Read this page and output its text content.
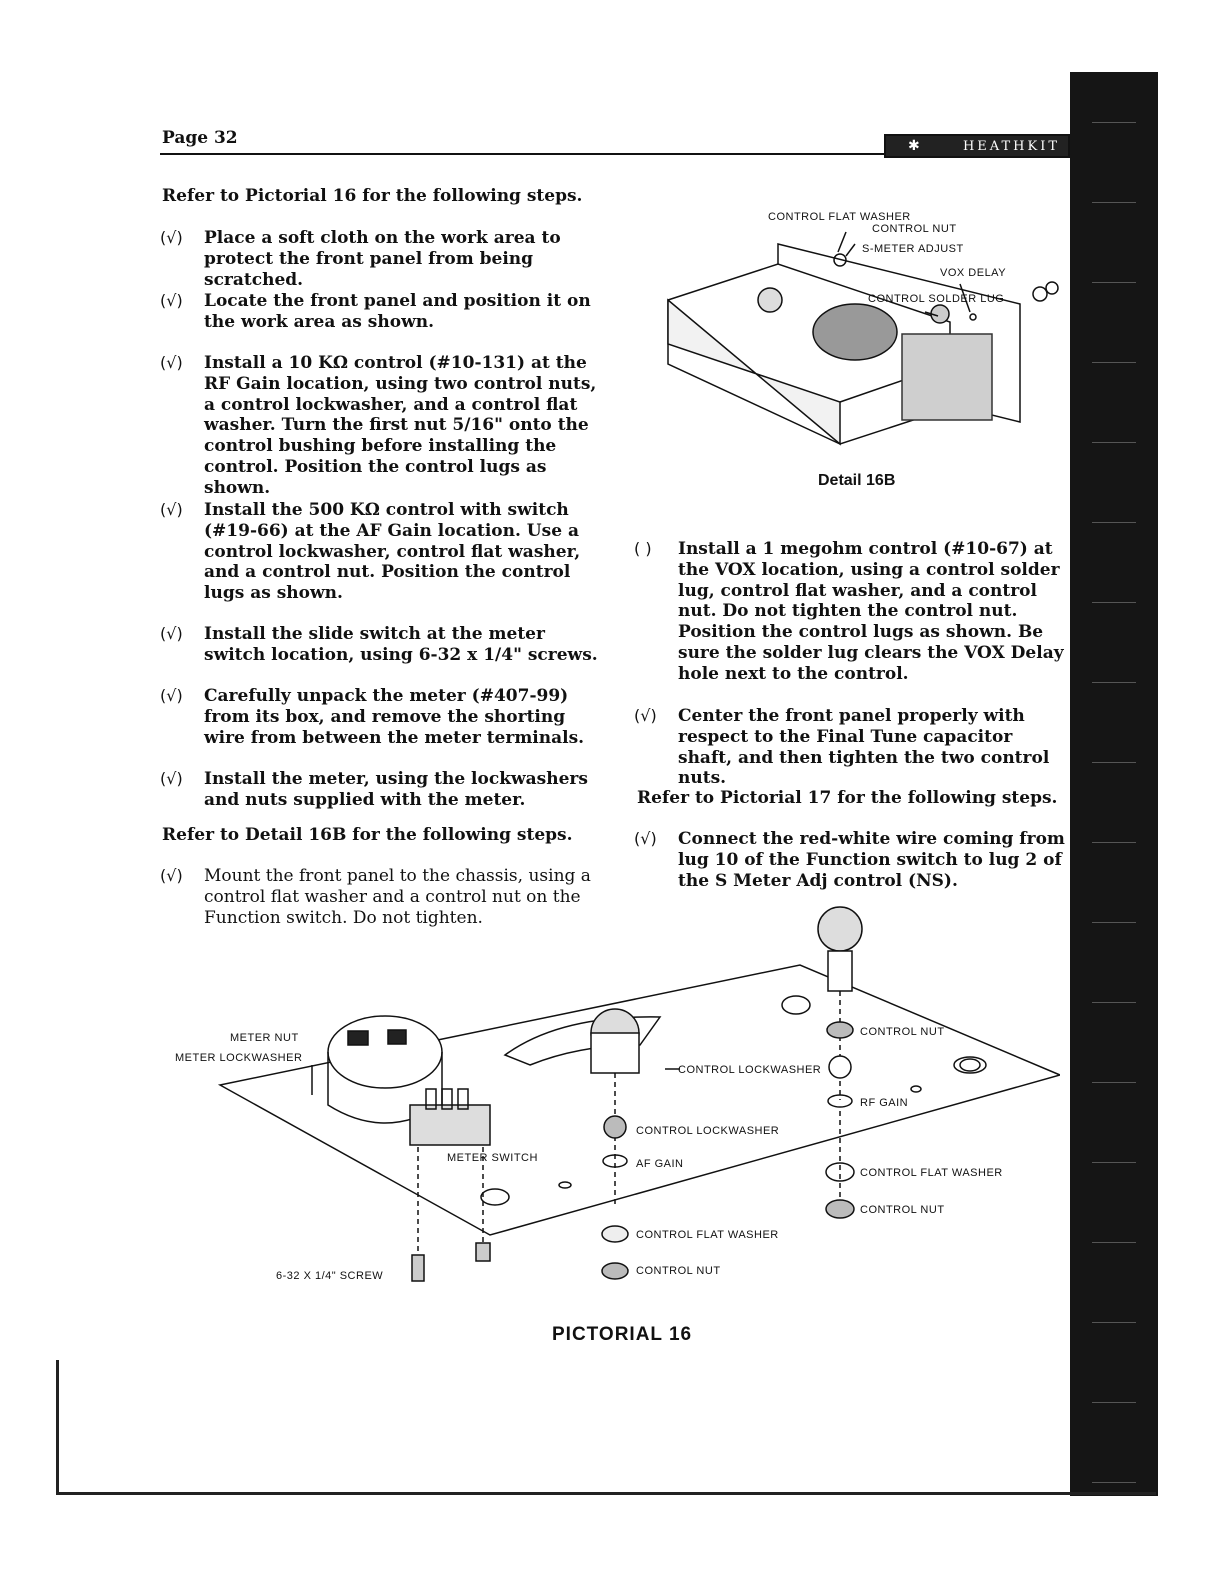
Page 32	✱	HEATHKIT
Refer to Pictorial 16 for the following steps.
(√)	Place a soft cloth on the work area to protect the front panel from being scratched.
(√)	Locate the front panel and position it on the work area as shown.
(√)	Install a 10 KΩ control (#10-131) at the RF Gain location, using two control nuts, a control lockwasher, and a control flat washer. Turn the first nut 5/16" onto the control bushing before installing the control. Position the control lugs as shown.
(√)	Install the 500 KΩ control with switch (#19-66) at the AF Gain location. Use a control lockwasher, control flat washer, and a control nut. Position the control lugs as shown.
(√)	Install the slide switch at the meter switch location, using 6-32 x 1/4" screws.
(√)	Carefully unpack the meter (#407-99) from its box, and remove the shorting wire from between the meter terminals.
(√)	Install the meter, using the lockwashers and nuts supplied with the meter.
Refer to Detail 16B for the following steps.
(√)	Mount the front panel to the chassis, using a control flat washer and a control nut on the Function switch. Do not tighten.
CONTROL FLAT WASHER
CONTROL NUT
S-METER ADJUST
VOX DELAY
CONTROL SOLDER LUG
Detail 16B
( )	Install a 1 megohm control (#10-67) at the VOX location, using a control solder lug, control flat washer, and a control nut. Do not tighten the control nut. Position the control lugs as shown. Be sure the solder lug clears the VOX Delay hole next to the control.
(√)	Center the front panel properly with respect to the Final Tune capacitor shaft, and then tighten the two control nuts.
Refer to Pictorial 17 for the following steps.
(√)	Connect the red-white wire coming from lug 10 of the Function switch to lug 2 of the S Meter Adj control (NS).
METER NUT
METER LOCKWASHER
METER SWITCH
6-32 X 1/4" SCREW
CONTROL LOCKWASHER
CONTROL LOCKWASHER
AF GAIN
CONTROL FLAT WASHER
CONTROL NUT
CONTROL NUT
RF GAIN
CONTROL FLAT WASHER
CONTROL NUT
PICTORIAL 16
